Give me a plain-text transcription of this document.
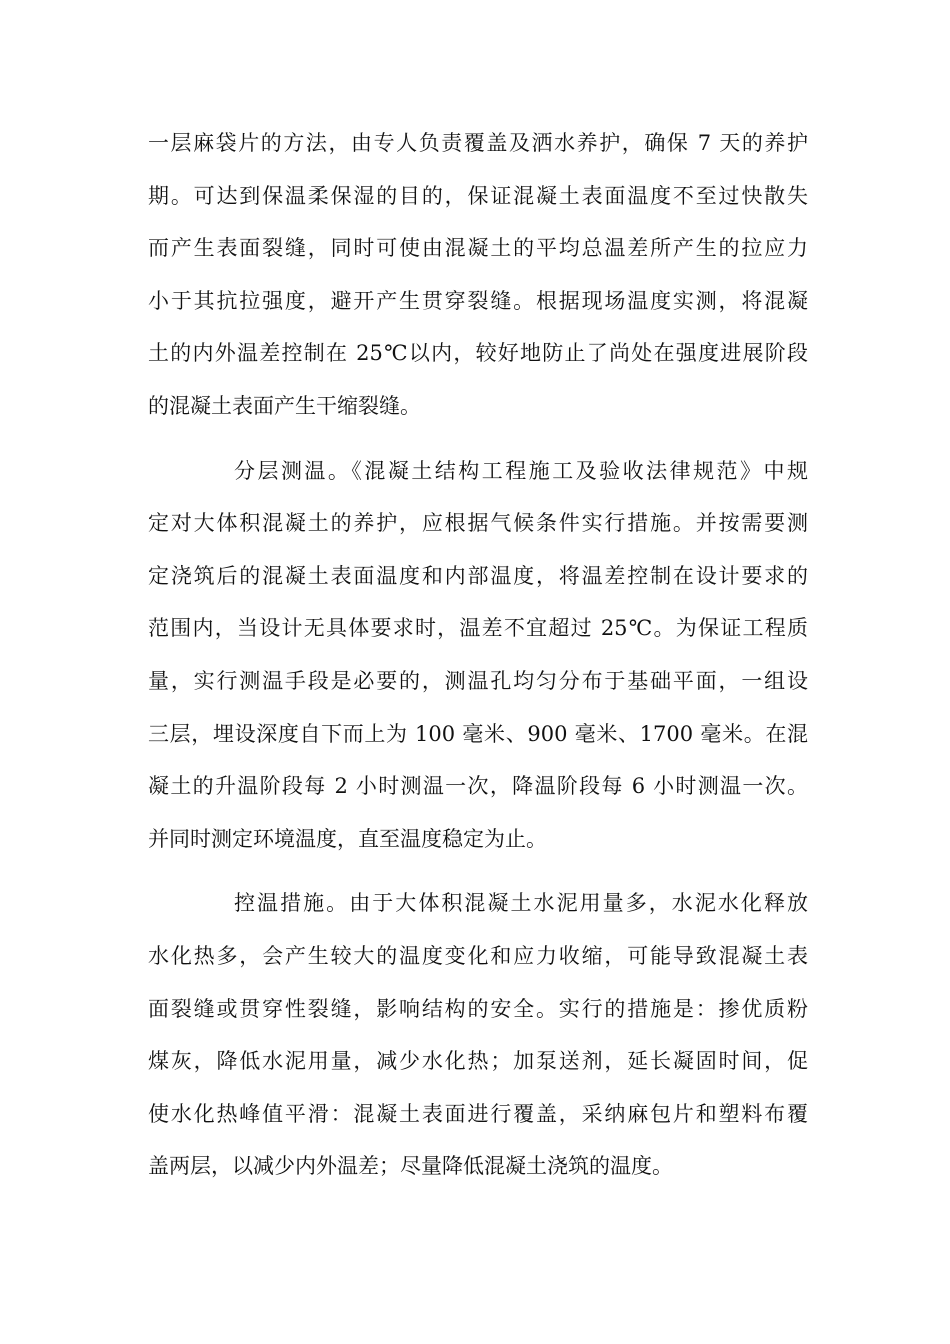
一层麻袋片的方法，由专人负责覆盖及洒水养护，确保 7 天的养护
期。可达到保温柔保湿的目的，保证混凝土表面温度不至过快散失
而产生表面裂缝，同时可使由混凝土的平均总温差所产生的拉应力
小于其抗拉强度，避开产生贯穿裂缝。根据现场温度实测，将混凝
土的内外温差控制在 25℃以内，较好地防止了尚处在强度进展阶段
的混凝土表面产生干缩裂缝。
分层测温。《混凝土结构工程施工及验收法律规范》中规
定对大体积混凝土的养护，应根据气候条件实行措施。并按需要测
定浇筑后的混凝土表面温度和内部温度，将温差控制在设计要求的
范围内，当设计无具体要求时，温差不宜超过 25℃。为保证工程质
量，实行测温手段是必要的，测温孔均匀分布于基础平面，一组设
三层，埋设深度自下而上为 100 毫米、900 毫米、1700 毫米。在混
凝土的升温阶段每 2 小时测温一次，降温阶段每 6 小时测温一次。
并同时测定环境温度，直至温度稳定为止。
控温措施。由于大体积混凝土水泥用量多，水泥水化释放
水化热多，会产生较大的温度变化和应力收缩，可能导致混凝土表
面裂缝或贯穿性裂缝，影响结构的安全。实行的措施是：掺优质粉
煤灰，降低水泥用量，减少水化热；加泵送剂，延长凝固时间，促
使水化热峰值平滑：混凝土表面进行覆盖，采纳麻包片和塑料布覆
盖两层，以减少内外温差；尽量降低混凝土浇筑的温度。
